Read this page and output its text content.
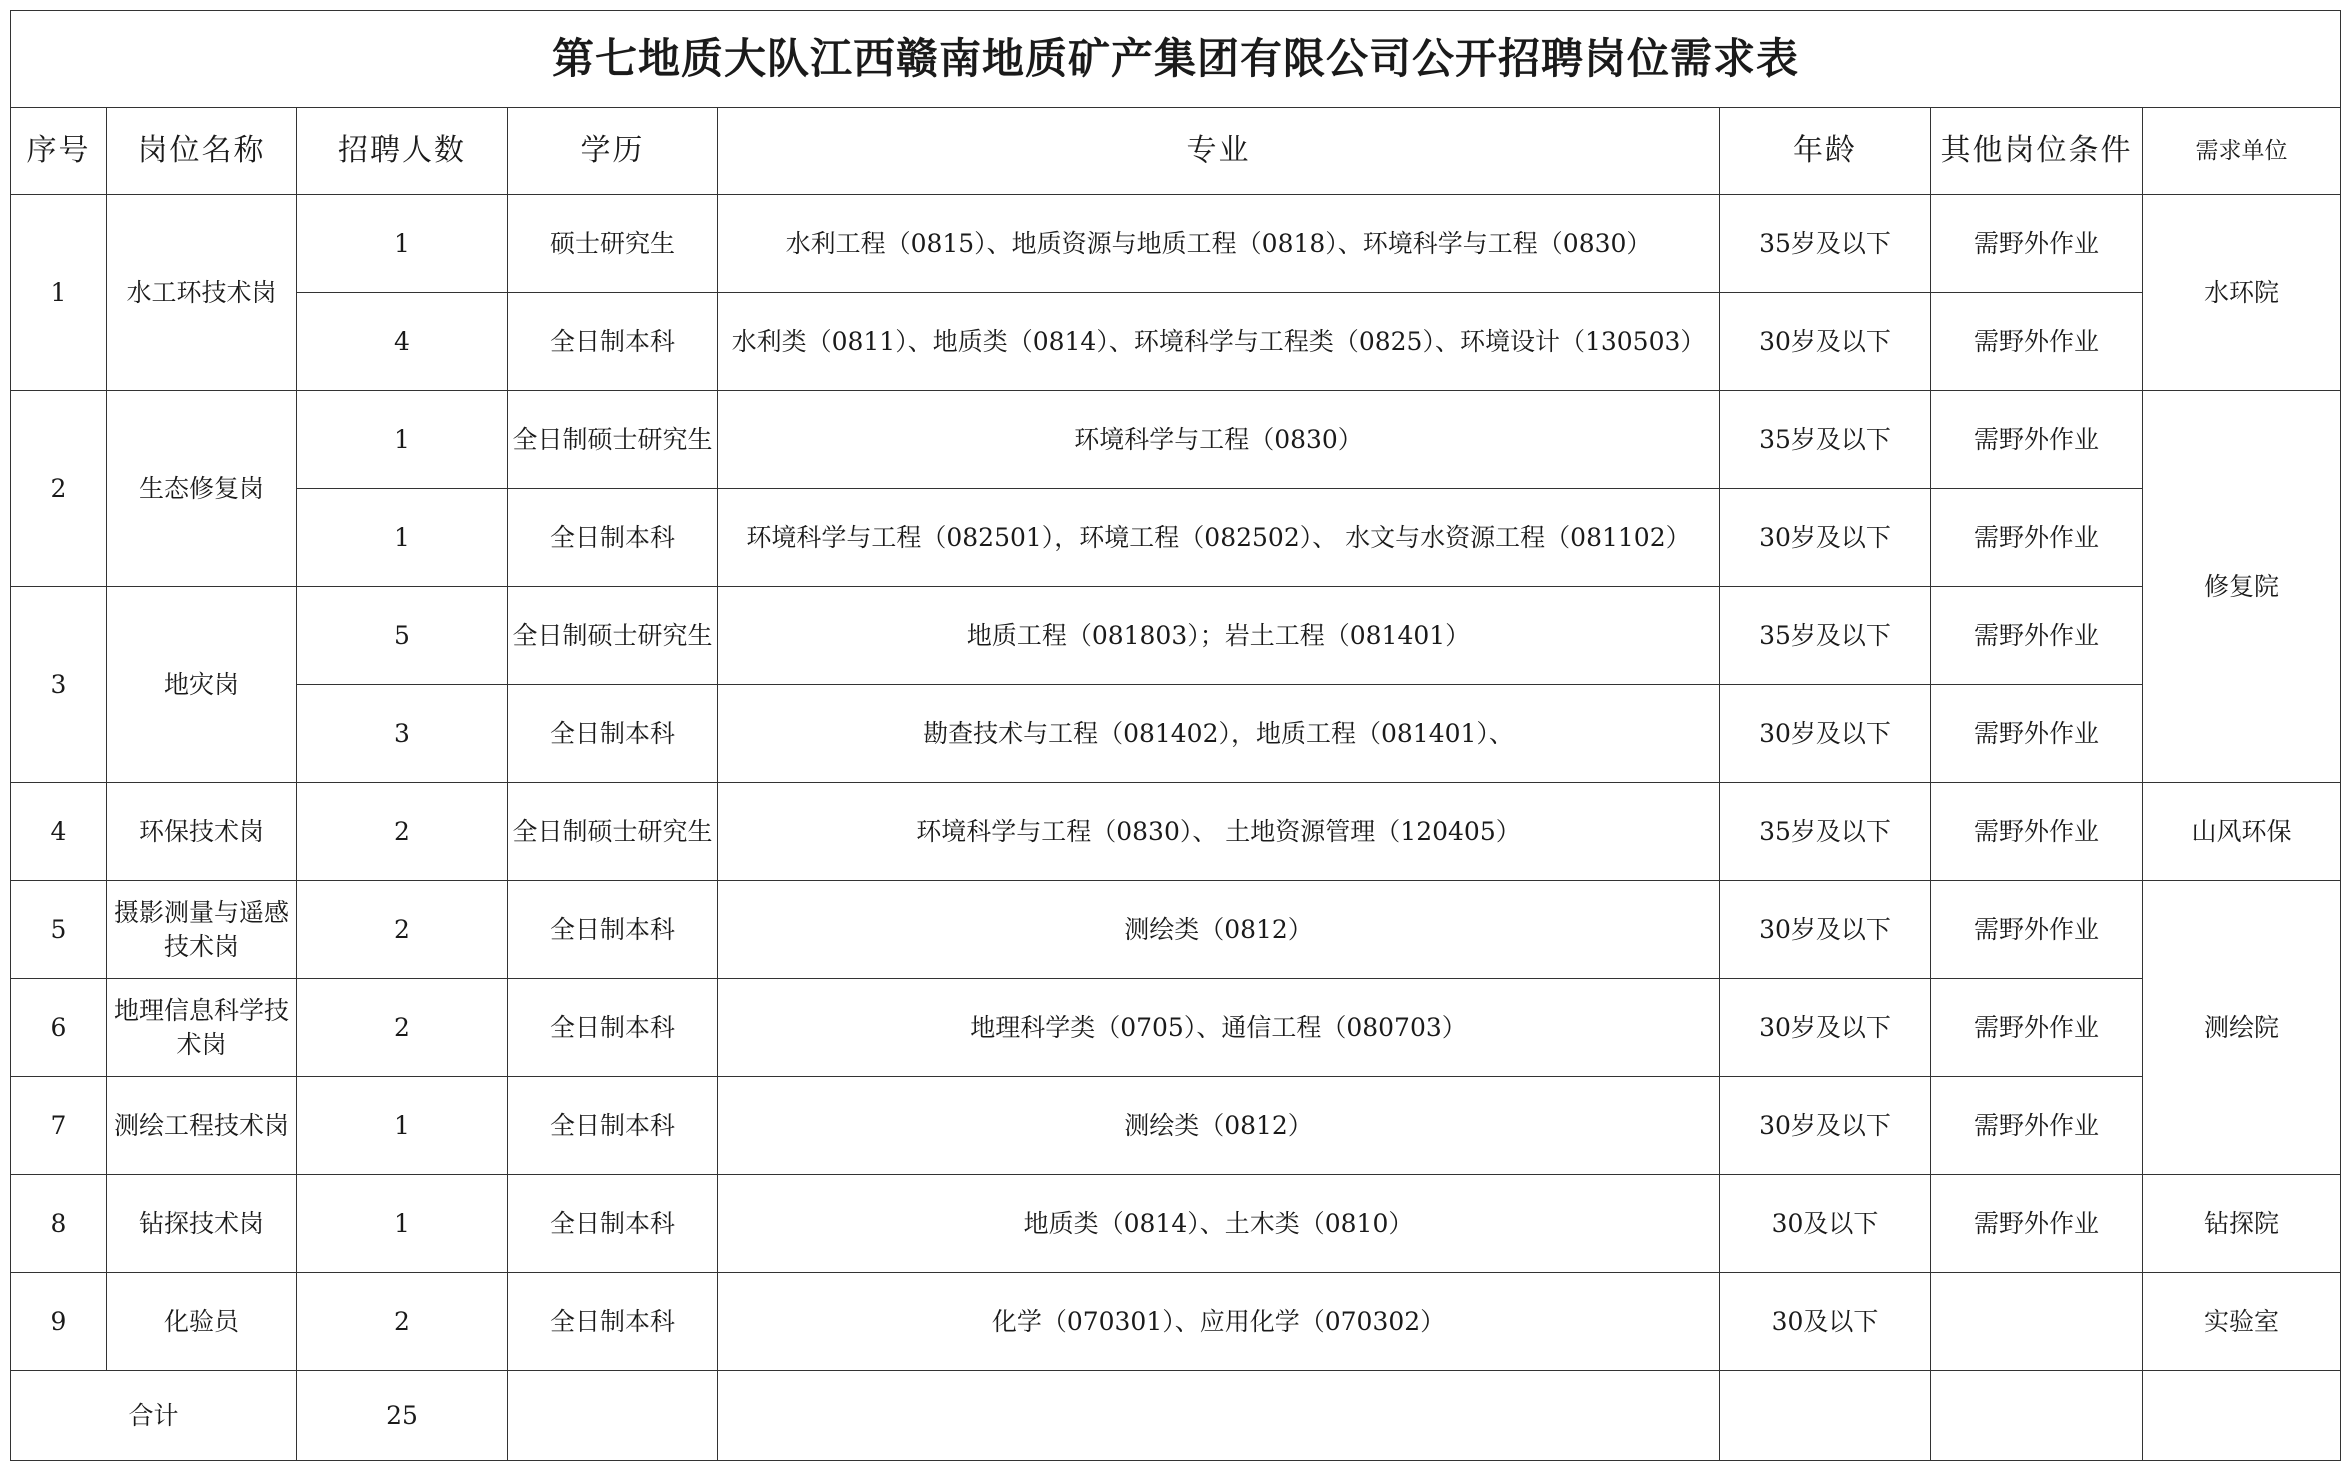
第七地质大队江西赣南地质矿产集团有限公司公开招聘岗位需求表							
序号	岗位名称	招聘人数	学历	专业	年龄	其他岗位条件	需求单位
1	水工环技术岗	1	硕士研究生	水利工程（0815）、地质资源与地质工程（0818）、环境科学与工程（0830）	35岁及以下	需野外作业	水环院
		4	全日制本科	水利类（0811）、地质类（0814）、环境科学与工程类（0825）、环境设计（130503）	30岁及以下	需野外作业	
2	生态修复岗	1	全日制硕士研究生	环境科学与工程（0830）	35岁及以下	需野外作业	修复院
		1	全日制本科	环境科学与工程（082501），环境工程（082502）、 水文与水资源工程（081102）	30岁及以下	需野外作业	
3	地灾岗	5	全日制硕士研究生	地质工程（081803）；岩土工程（081401）	35岁及以下	需野外作业	
		3	全日制本科	勘查技术与工程（081402），地质工程（081401）、	30岁及以下	需野外作业	
4	环保技术岗	2	全日制硕士研究生	环境科学与工程（0830）、 土地资源管理（120405）	35岁及以下	需野外作业	山风环保
5	摄影测量与遥感技术岗	2	全日制本科	测绘类（0812）	30岁及以下	需野外作业	测绘院
6	地理信息科学技术岗	2	全日制本科	地理科学类（0705）、通信工程（080703）	30岁及以下	需野外作业	
7	测绘工程技术岗	1	全日制本科	测绘类（0812）	30岁及以下	需野外作业	
8	钻探技术岗	1	全日制本科	地质类（0814）、土木类（0810）	30及以下	需野外作业	钻探院
9	化验员	2	全日制本科	化学（070301）、应用化学（070302）	30及以下		实验室
合计		25					
